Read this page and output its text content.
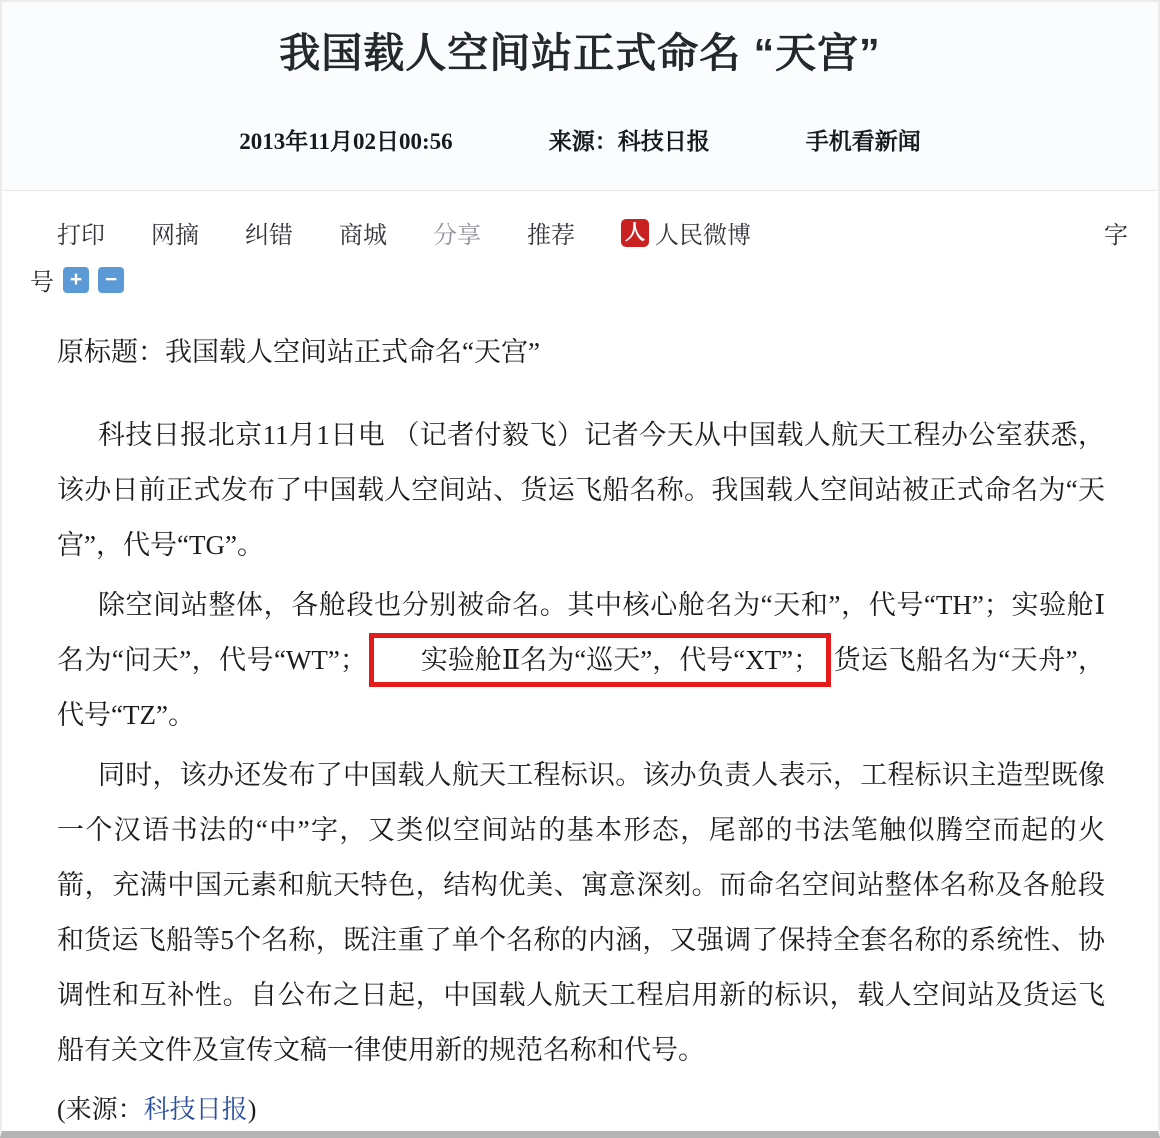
我国载人空间站正式命名 “天宫”
2013年11月02日00:56	来源：科技日报	手机看新闻
打印 网摘 纠错 商城 分享 推荐	人 人民微博	字
号 +	−

原标题：我国载人空间站正式命名“天宫”

科技日报北京11月1日电 （记者付毅飞）记者今天从中国载人航天工程办公室获悉，该办日前正式发布了中国载人空间站、货运飞船名称。我国载人空间站被正式命名为“天宫”，代号“TG”。

除空间站整体，各舱段也分别被命名。其中核心舱名为“天和”，代号“TH”；实验舱Ⅰ名为“问天”，代号“WT”； 实验舱Ⅱ名为“巡天”，代号“XT”； 货运飞船名为“天舟”，代号“TZ”。

同时，该办还发布了中国载人航天工程标识。该办负责人表示，工程标识主造型既像一个汉语书法的“中”字，又类似空间站的基本形态，尾部的书法笔触似腾空而起的火箭，充满中国元素和航天特色，结构优美、寓意深刻。而命名空间站整体名称及各舱段和货运飞船等5个名称，既注重了单个名称的内涵，又强调了保持全套名称的系统性、协调性和互补性。自公布之日起，中国载人航天工程启用新的标识，载人空间站及货运飞船有关文件及宣传文稿一律使用新的规范名称和代号。

(来源：科技日报)
